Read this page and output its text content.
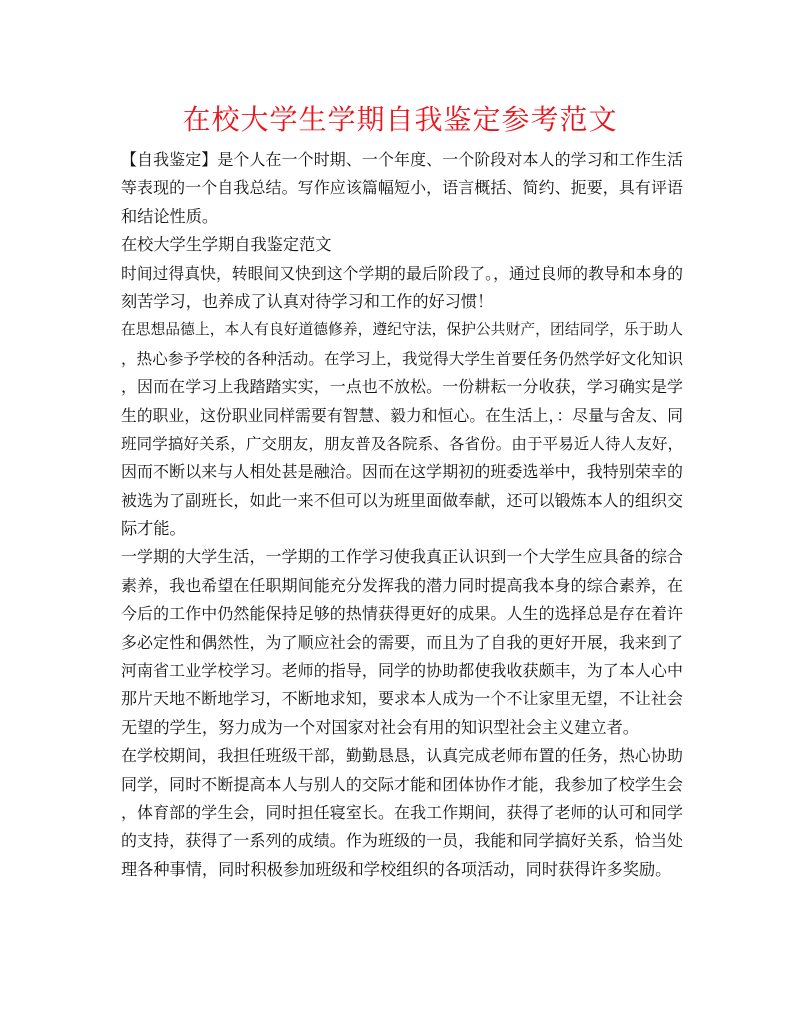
在校大学生学期自我鉴定参考范文
【自我鉴定】是个人在一个时期、一个年度、一个阶段对本人的学习和工作生活
等表现的一个自我总结。写作应该篇幅短小，语言概括、简约、扼要，具有评语
和结论性质。
在校大学生学期自我鉴定范文
时间过得真快，转眼间又快到这个学期的最后阶段了。，通过良师的教导和本身的
刻苦学习，也养成了认真对待学习和工作的好习惯！
在思想品德上，本人有良好道德修养，遵纪守法，保护公共财产，团结同学，乐于助人
，热心参予学校的各种活动。在学习上，我觉得大学生首要任务仍然学好文化知识
，因而在学习上我踏踏实实，一点也不放松。一份耕耘一分收获，学习确实是学
生的职业，这份职业同样需要有智慧、毅力和恒心。在生活上，：尽量与舍友、同
班同学搞好关系，广交朋友，朋友普及各院系、各省份。由于平易近人待人友好，
因而不断以来与人相处甚是融洽。因而在这学期初的班委选举中，我特别荣幸的
被选为了副班长，如此一来不但可以为班里面做奉献，还可以锻炼本人的组织交
际才能。
一学期的大学生活，一学期的工作学习使我真正认识到一个大学生应具备的综合
素养，我也希望在任职期间能充分发挥我的潜力同时提高我本身的综合素养，在
今后的工作中仍然能保持足够的热情获得更好的成果。人生的选择总是存在着许
多必定性和偶然性，为了顺应社会的需要，而且为了自我的更好开展，我来到了
河南省工业学校学习。老师的指导，同学的协助都使我收获颇丰，为了本人心中
那片天地不断地学习，不断地求知，要求本人成为一个不让家里无望，不让社会
无望的学生，努力成为一个对国家对社会有用的知识型社会主义建立者。
在学校期间，我担任班级干部，勤勤恳恳，认真完成老师布置的任务，热心协助
同学，同时不断提高本人与别人的交际才能和团体协作才能，我参加了校学生会
，体育部的学生会，同时担任寝室长。在我工作期间，获得了老师的认可和同学
的支持，获得了一系列的成绩。作为班级的一员，我能和同学搞好关系，恰当处
理各种事情，同时积极参加班级和学校组织的各项活动，同时获得许多奖励。
